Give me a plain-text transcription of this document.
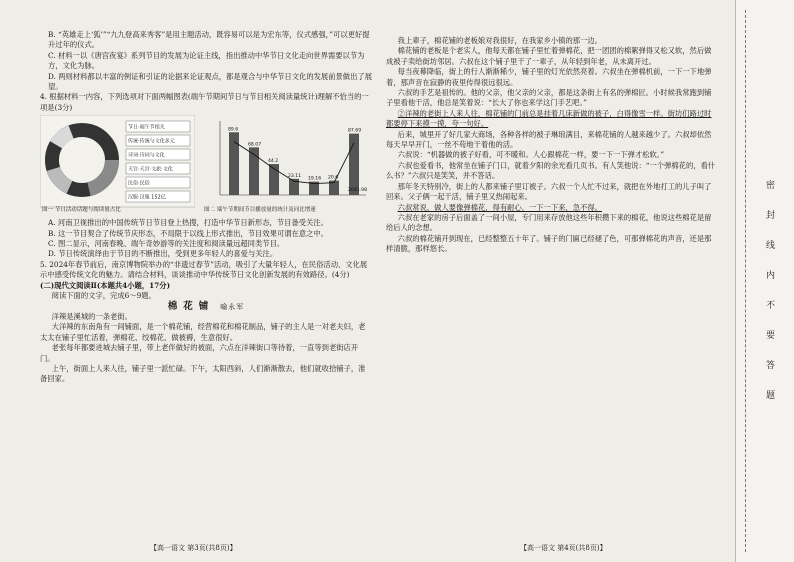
B. “英雄走上‘狐’”“九九登高来秀客”是用主题活动，既容易可以是为宏东等，仪式感强，”可以更好提升过年的仪式。

C. 材料一以《唐宫夜宴》系列节目的发展为论证主线，指出推动中华节日文化走向世界需要以节为方，文化为脉。

D. 两则材料都以丰富的例证和引证的论据来论证观点，都是观合与中华节日文化的发展前景做出了展望。

4. 根据材料一内容，下列选项对下面两幅图表(端午节期间节日与节目相关阅读量统计)理解不恰当的一项是(3分)

节日·端午节相关
传统·传统与文化多元
诗词·诗词与文化
天宫·天宫·文旅·文化
民俗·民俗
汉服·汉服 152亿
图一 节日活动话题与阅读量占比
89.6
68.07
44.2
23.11
19.16 20.6
87.69
2041.98
图二 端午节期间节目播放量的统计及同比增速

A. 河南卫视推出的中国传统节日节目登上热搜，打造中华节日新形态，节目备受关注。

B. 这一节目契合了传统节庆形态，不局限于以线上形式推出，节目效果可谓在意之中。

C. 图二显示，河南春晚、端午奇妙游等的关注度和阅读量远超同类节目。

D. 节日传统演绎由于节目的不断推出，受到更多年轻人的喜爱与关注。

5. 2024年春节前后，南京博物院举办的“非遗过春节”活动，吸引了大量年轻人，在民俗活动、文化展示中感受传统文化的魅力。请结合材料，谈谈推动中华传统节日文化创新发展的有效路径。(4分)

(二)现代文阅读Ⅱ(本题共4小题，17分)

阅读下面的文字，完成6～9题。

棉花铺 喻永军

洋辣是溪城的一条老街。

大洋辣的东南角有一间铺面，是一个棉花铺，经营棉花和棉花制品，铺子的主人是一对老夫妇，老太太在铺子里忙活着，弹棉花、绞棉花、做被褥，生意很好。

老张每年都要进城去铺子里，带上老伴做好的被面，六点在洋辣街口等待着，一直等到老街店开门。

上午，街面上人来人往，铺子里一派忙碌。下午，太阳西斜，人们渐渐散去，他们就收拾铺子，准备回家。

【高一语文 第3页(共8页)】

我上辈子，棉花铺的老板娘对我很好，在我家乡小镇的那一边。

棉花铺的老板是个老实人，他每天都在铺子里忙着弹棉花，把一团团的棉絮弹得又松又软，然后做成被子卖给街坊邻居。六叔在这个铺子里干了一辈子，从年轻到年老，从未离开过。

每当夜幕降临，街上的行人渐渐稀少，铺子里的灯光依然亮着。六叔坐在弹棉机前，一下一下地弹着，那声音在寂静的夜里传得很远很远。

六叔的手艺是祖传的。他的父亲，他父亲的父亲，都是这条街上有名的弹棉匠。小时候我常跑到铺子里看他干活，他总是笑着说：“长大了你也来学这门手艺吧。”

②洋辣的老街上人来人往，棉花铺的门前总是挂着几床新做的被子，白得像雪一样。街坊们路过时都要停下来摸一摸，夸一句好。

后来，城里开了好几家大商场，各种各样的被子琳琅满目，来棉花铺的人越来越少了。六叔却依然每天早早开门，一丝不苟地干着他的活。

六叔说：“机器做的被子好看，可不暖和。人心跟棉花一样，要一下一下弹才松软。”

六叔也爱看书，他常坐在铺子门口，就着夕阳的余光看几页书。有人笑他说：“一个弹棉花的，看什么书？”六叔只是笑笑，并不答话。

那年冬天特别冷，街上的人都来铺子里订被子。六叔一个人忙不过来，就把在外地打工的儿子叫了回来。父子俩一起干活，铺子里又热闹起来。

六叔常说，做人要像弹棉花，得有耐心，一下一下来，急不得。

六叔在老家的房子后面盖了一间小屋，专门用来存放他这些年积攒下来的棉花，他说这些棉花是留给后人的念想。

六叔的棉花铺开到现在，已经整整五十年了。铺子的门匾已经褪了色，可那弹棉花的声音，还是那样清脆，那样悠长。

【高一语文 第4页(共8页)】
密
封
线
内
不
要
答
题
